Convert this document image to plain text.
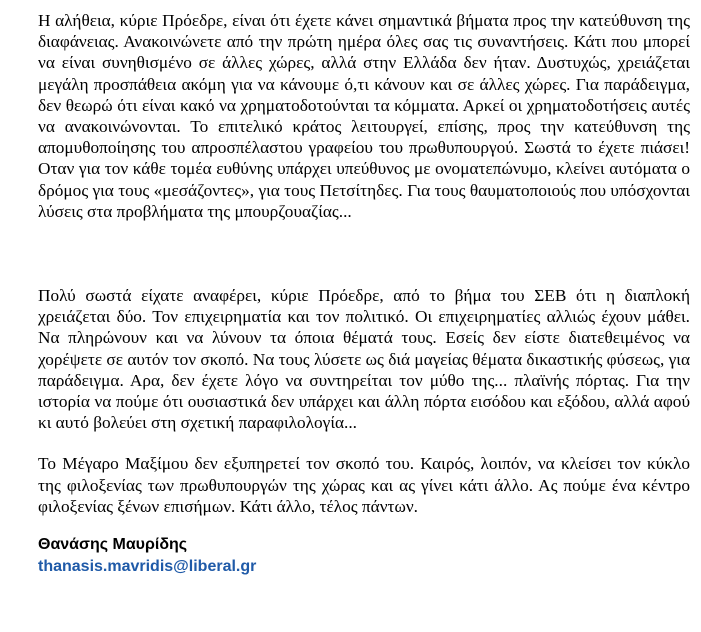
Η αλήθεια, κύριε Πρόεδρε, είναι ότι έχετε κάνει σημαντικά βήματα προς την κατεύθυνση της διαφάνειας. Ανακοινώνετε από την πρώτη ημέρα όλες σας τις συναντήσεις. Κάτι που μπορεί να είναι συνηθισμένο σε άλλες χώρες, αλλά στην Ελλάδα δεν ήταν. Δυστυχώς, χρειάζεται μεγάλη προσπάθεια ακόμη για να κάνουμε ό,τι κάνουν και σε άλλες χώρες. Για παράδειγμα, δεν θεωρώ ότι είναι κακό να χρηματοδοτούνται τα κόμματα. Αρκεί οι χρηματοδοτήσεις αυτές να ανακοινώνονται. Το επιτελικό κράτος λειτουργεί, επίσης, προς την κατεύθυνση της απομυθοποίησης του απροσπέλαστου γραφείου του πρωθυπουργού. Σωστά το έχετε πιάσει! Οταν για τον κάθε τομέα ευθύνης υπάρχει υπεύθυνος με ονοματεπώνυμο, κλείνει αυτόματα ο δρόμος για τους «μεσάζοντες», για τους Πετσίτηδες. Για τους θαυματοποιούς που υπόσχονται λύσεις στα προβλήματα της μπουρζουαζίας...

Πολύ σωστά είχατε αναφέρει, κύριε Πρόεδρε, από το βήμα του ΣΕΒ ότι η διαπλοκή χρειάζεται δύο. Τον επιχειρηματία και τον πολιτικό. Οι επιχειρηματίες αλλιώς έχουν μάθει. Να πληρώνουν και να λύνουν τα όποια θέματά τους. Εσείς δεν είστε διατεθειμένος να χορέψετε σε αυτόν τον σκοπό. Να τους λύσετε ως διά μαγείας θέματα δικαστικής φύσεως, για παράδειγμα. Αρα, δεν έχετε λόγο να συντηρείται τον μύθο της... πλαϊνής πόρτας. Για την ιστορία να πούμε ότι ουσιαστικά δεν υπάρχει και άλλη πόρτα εισόδου και εξόδου, αλλά αφού κι αυτό βολεύει στη σχετική παραφιλολογία...

Το Μέγαρο Μαξίμου δεν εξυπηρετεί τον σκοπό του. Καιρός, λοιπόν, να κλείσει τον κύκλο της φιλοξενίας των πρωθυπουργών της χώρας και ας γίνει κάτι άλλο. Ας πούμε ένα κέντρο φιλοξενίας ξένων επισήμων. Κάτι άλλο, τέλος πάντων.

Θανάσης Μαυρίδης

thanasis.mavridis@liberal.gr
